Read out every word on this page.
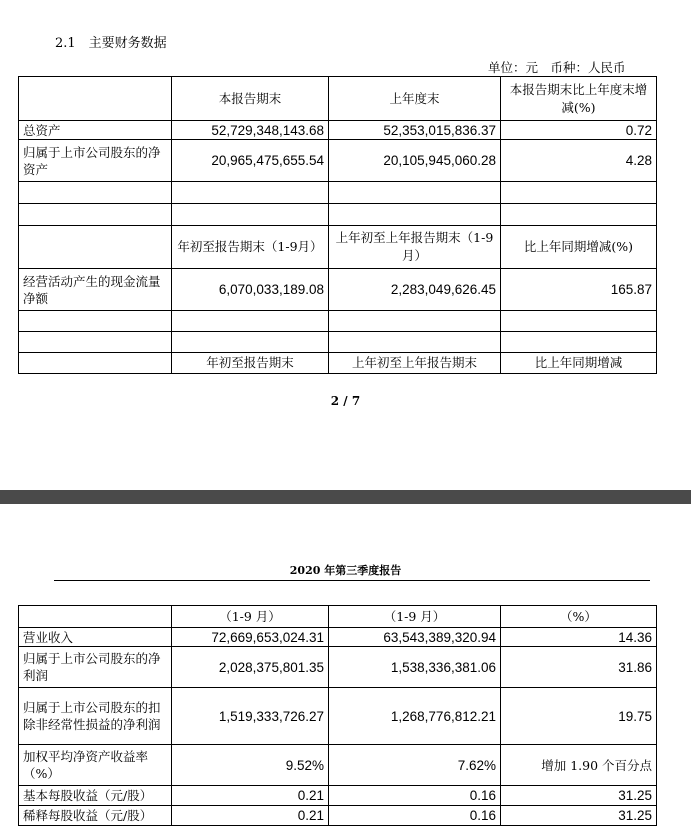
2.1　主要财务数据
单位：元　币种：人民币
	本报告期末	上年度末	本报告期末比上年度末增减(%)
总资产	52,729,348,143.68	52,353,015,836.37	0.72
归属于上市公司股东的净资产	20,965,475,655.54	20,105,945,060.28	4.28

	年初至报告期末（1-9月）	上年初至上年报告期末（1-9月）	比上年同期增减(%)
经营活动产生的现金流量净额	6,070,033,189.08	2,283,049,626.45	165.87

	年初至报告期末	上年初至上年报告期末	比上年同期增减
2 / 7
2020 年第三季度报告
	（1-9 月）	（1-9 月）	（%）
营业收入	72,669,653,024.31	63,543,389,320.94	14.36
归属于上市公司股东的净利润	2,028,375,801.35	1,538,336,381.06	31.86
归属于上市公司股东的扣除非经常性损益的净利润	1,519,333,726.27	1,268,776,812.21	19.75
加权平均净资产收益率（%）	9.52%	7.62%	增加 1.90 个百分点
基本每股收益（元/股）	0.21	0.16	31.25
稀释每股收益（元/股）	0.21	0.16	31.25
